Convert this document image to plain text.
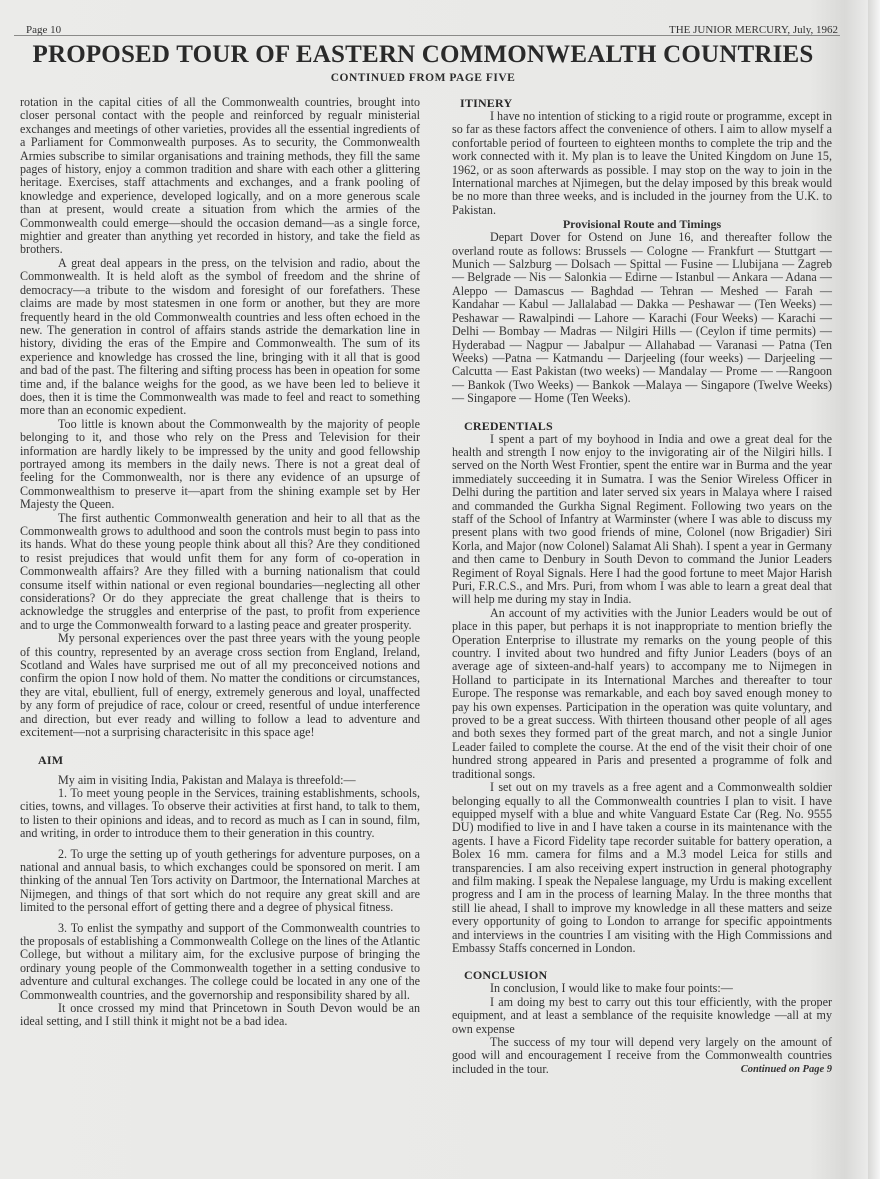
Page 10	THE JUNIOR MERCURY, July, 1962
PROPOSED TOUR OF EASTERN COMMONWEALTH COUNTRIES
CONTINUED FROM PAGE FIVE

rotation in the capital cities of all the Commonwealth countries, brought into closer personal contact with the people and reinforced by regualr ministerial exchanges and meetings of other varieties, provides all the essential ingredients of a Parliament for Commonwealth purposes. As to security, the Commonwealth Armies subscribe to similar organisations and training methods, they fill the same pages of history, enjoy a common tradition and share with each other a glittering heritage. Exercises, staff attachments and exchanges, and a frank pooling of knowledge and experience, developed logically, and on a more generous scale than at present, would create a situation from which the armies of the Commonwealth could emerge—should the occasion demand—as a single force, mightier and greater than anything yet recorded in history, and take the field as brothers.

A great deal appears in the press, on the telvision and radio, about the Commonwealth. It is held aloft as the symbol of freedom and the shrine of democracy—a tribute to the wisdom and foresight of our forefathers. These claims are made by most statesmen in one form or another, but they are more frequently heard in the old Commonwealth countries and less often echoed in the new. The generation in control of affairs stands astride the demarkation line in history, dividing the eras of the Empire and Commonwealth. The sum of its experience and knowledge has crossed the line, bringing with it all that is good and bad of the past. The filtering and sifting process has been in opeation for some time and, if the balance weighs for the good, as we have been led to believe it does, then it is time the Commonwealth was made to feel and react to something more than an economic expedient.

Too little is known about the Commonwealth by the majority of people belonging to it, and those who rely on the Press and Television for their information are hardly likely to be impressed by the unity and good fellowship portrayed among its members in the daily news. There is not a great deal of feeling for the Commonwealth, nor is there any evidence of an upsurge of Commonwealthism to preserve it—apart from the shining example set by Her Majesty the Queen.

The first authentic Commonwealth generation and heir to all that as the Commonwealth grows to adulthood and soon the controls must begin to pass into its hands. What do these young people think about all this? Are they conditioned to resist prejudices that would unfit them for any form of co-operation in Commonwealth affairs? Are they filled with a burning nationalism that could consume itself within national or even regional boundaries—neglecting all other considerations? Or do they appreciate the great challenge that is theirs to acknowledge the struggles and enterprise of the past, to profit from experience and to urge the Commonwealth forward to a lasting peace and greater prosperity.

My personal experiences over the past three years with the young people of this country, represented by an average cross section from England, Ireland, Scotland and Wales have surprised me out of all my preconceived notions and confirm the opion I now hold of them. No matter the conditions or circumstances, they are vital, ebullient, full of energy, extremely generous and loyal, unaffected by any form of prejudice of race, colour or creed, resentful of undue interference and direction, but ever ready and willing to follow a lead to adventure and excitement—not a surprising characterisitc in this space age!

AIM

My aim in visiting India, Pakistan and Malaya is threefold:—

1. To meet young people in the Services, training establishments, schools, cities, towns, and villages. To observe their activities at first hand, to talk to them, to listen to their opinions and ideas, and to record as much as I can in sound, film, and writing, in order to introduce them to their generation in this country.

2. To urge the setting up of youth getherings for adventure purposes, on a national and annual basis, to which exchanges could be sponsored on merit. I am thinking of the annual Ten Tors activity on Dartmoor, the International Marches at Nijmegen, and things of that sort which do not require any great skill and are limited to the personal effort of getting there and a degree of physical fitness.

3. To enlist the sympathy and support of the Commonwealth countries to the proposals of establishing a Commonwealth College on the lines of the Atlantic College, but without a military aim, for the exclusive purpose of bringing the ordinary young people of the Commonwealth together in a setting condusive to adventure and cultural exchanges. The college could be located in any one of the Commonwealth countries, and the governorship and responsibility shared by all.

It once crossed my mind that Princetown in South Devon would be an ideal setting, and I still think it might not be a bad idea.

ITINERY

I have no intention of sticking to a rigid route or programme, except in so far as these factors affect the convenience of others. I aim to allow myself a confortable period of fourteen to eighteen months to complete the trip and the work connected with it. My plan is to leave the United Kingdom on June 15, 1962, or as soon afterwards as possible. I may stop on the way to join in the International marches at Njimegen, but the delay imposed by this break would be no more than three weeks, and is included in the journey from the U.K. to Pakistan.

Provisional Route and Timings

Depart Dover for Ostend on June 16, and thereafter follow the overland route as follows: Brussels — Cologne — Frankfurt — Stuttgart — Munich — Salzburg — Dolsach — Spittal — Fusine — Llubijana — Zagreb — Belgrade — Nis — Salonkia — Edirne — Istanbul — Ankara — Adana — Aleppo — Damascus — Baghdad — Tehran — Meshed — Farah — Kandahar — Kabul — Jallalabad — Dakka — Peshawar — (Ten Weeks) — Peshawar — Rawalpindi — Lahore — Karachi (Four Weeks) — Karachi — Delhi — Bombay — Madras — Nilgiri Hills — (Ceylon if time permits) — Hyderabad — Nagpur — Jabalpur — Allahabad — Varanasi — Patna (Ten Weeks) —Patna — Katmandu — Darjeeling (four weeks) — Darjeeling — Calcutta — East Pakistan (two weeks) — Mandalay — Prome — —Rangoon — Bankok (Two Weeks) — Bankok —Malaya — Singapore (Twelve Weeks) — Singapore — Home (Ten Weeks).

CREDENTIALS

I spent a part of my boyhood in India and owe a great deal for the health and strength I now enjoy to the invigorating air of the Nilgiri hills. I served on the North West Frontier, spent the entire war in Burma and the year immediately succeeding it in Sumatra. I was the Senior Wireless Officer in Delhi during the partition and later served six years in Malaya where I raised and commanded the Gurkha Signal Regiment. Following two years on the staff of the School of Infantry at Warminster (where I was able to discuss my present plans with two good friends of mine, Colonel (now Brigadier) Siri Korla, and Major (now Colonel) Salamat Ali Shah). I spent a year in Germany and then came to Denbury in South Devon to command the Junior Leaders Regiment of Royal Signals. Here I had the good fortune to meet Major Harish Puri, F.R.C.S., and Mrs. Puri, from whom I was able to learn a great deal that will help me during my stay in India.

An account of my activities with the Junior Leaders would be out of place in this paper, but perhaps it is not inappropriate to mention briefly the Operation Enterprise to illustrate my remarks on the young people of this country. I invited about two hundred and fifty Junior Leaders (boys of an average age of sixteen-and-half years) to accompany me to Nijmegen in Holland to participate in its International Marches and thereafter to tour Europe. The response was remarkable, and each boy saved enough money to pay his own expenses. Participation in the operation was quite voluntary, and proved to be a great success. With thirteen thousand other people of all ages and both sexes they formed part of the great march, and not a single Junior Leader failed to complete the course. At the end of the visit their choir of one hundred strong appeared in Paris and presented a programme of folk and traditional songs.

I set out on my travels as a free agent and a Commonwealth soldier belonging equally to all the Commonwealth countries I plan to visit. I have equipped myself with a blue and white Vanguard Estate Car (Reg. No. 9555 DU) modified to live in and I have taken a course in its maintenance with the agents. I have a Ficord Fidelity tape recorder suitable for battery operation, a Bolex 16 mm. camera for films and a M.3 model Leica for stills and transparencies. I am also receiving expert instruction in general photography and film making. I speak the Nepalese language, my Urdu is making excellent progress and I am in the process of learning Malay. In the three months that still lie ahead, I shall to improve my knowledge in all these matters and seize every opportunity of going to London to arrange for specific appointments and interviews in the countries I am visiting with the High Commissions and Embassy Staffs concerned in London.

CONCLUSION

In conclusion, I would like to make four points:—

I am doing my best to carry out this tour efficiently, with the proper equipment, and at least a semblance of the requisite knowledge —all at my own expense

The success of my tour will depend very largely on the amount of good will and encouragement I receive from the Commonwealth countries included in the tour.	Continued on Page 9
